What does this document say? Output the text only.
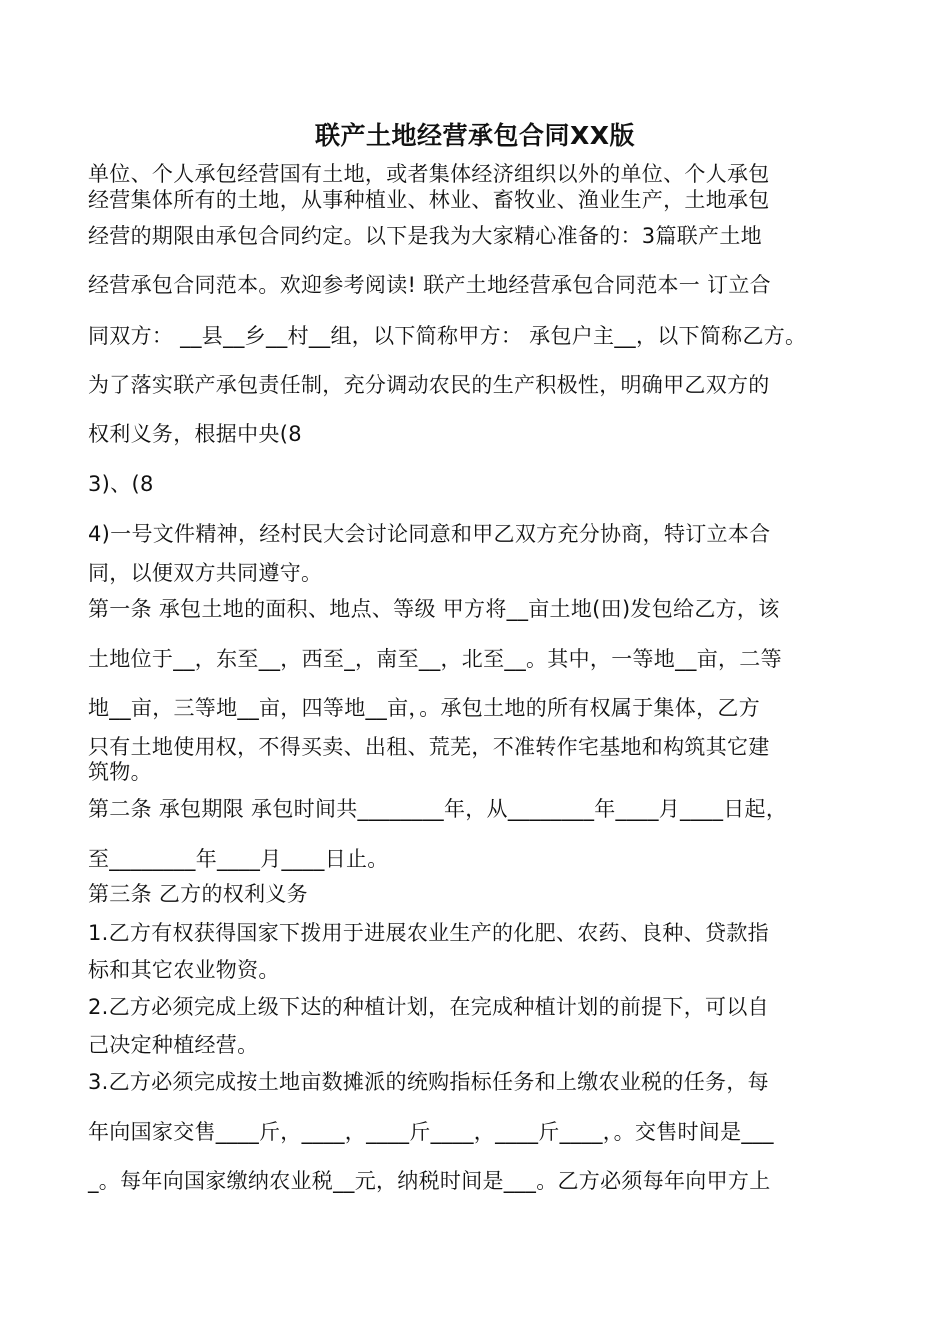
联产土地经营承包合同XX版
单位、个人承包经营国有土地，或者集体经济组织以外的单位、个人承包
经营集体所有的土地，从事种植业、林业、畜牧业、渔业生产，土地承包
经营的期限由承包合同约定。以下是我为大家精心准备的：3篇联产土地
经营承包合同范本。欢迎参考阅读! 联产土地经营承包合同范本一 订立合
同双方： __县__乡__村__组，以下简称甲方： 承包户主__，以下简称乙方。
为了落实联产承包责任制，充分调动农民的生产积极性，明确甲乙双方的
权利义务，根据中央(8
3)、(8
4)一号文件精神，经村民大会讨论同意和甲乙双方充分协商，特订立本合
同，以便双方共同遵守。
第一条 承包土地的面积、地点、等级 甲方将__亩土地(田)发包给乙方，该
土地位于__，东至__，西至_，南至__，北至__。其中，一等地__亩，二等
地__亩，三等地__亩，四等地__亩，。承包土地的所有权属于集体，乙方
只有土地使用权，不得买卖、出租、荒芜，不准转作宅基地和构筑其它建
筑物。
第二条 承包期限 承包时间共________年，从________年____月____日起，
至________年____月____日止。
第三条 乙方的权利义务
1.乙方有权获得国家下拨用于进展农业生产的化肥、农药、良种、贷款指
标和其它农业物资。
2.乙方必须完成上级下达的种植计划，在完成种植计划的前提下，可以自
己决定种植经营。
3.乙方必须完成按土地亩数摊派的统购指标任务和上缴农业税的任务，每
年向国家交售____斤，____，____斤____，____斤____，。交售时间是___
_。每年向国家缴纳农业税__元，纳税时间是___。乙方必须每年向甲方上
